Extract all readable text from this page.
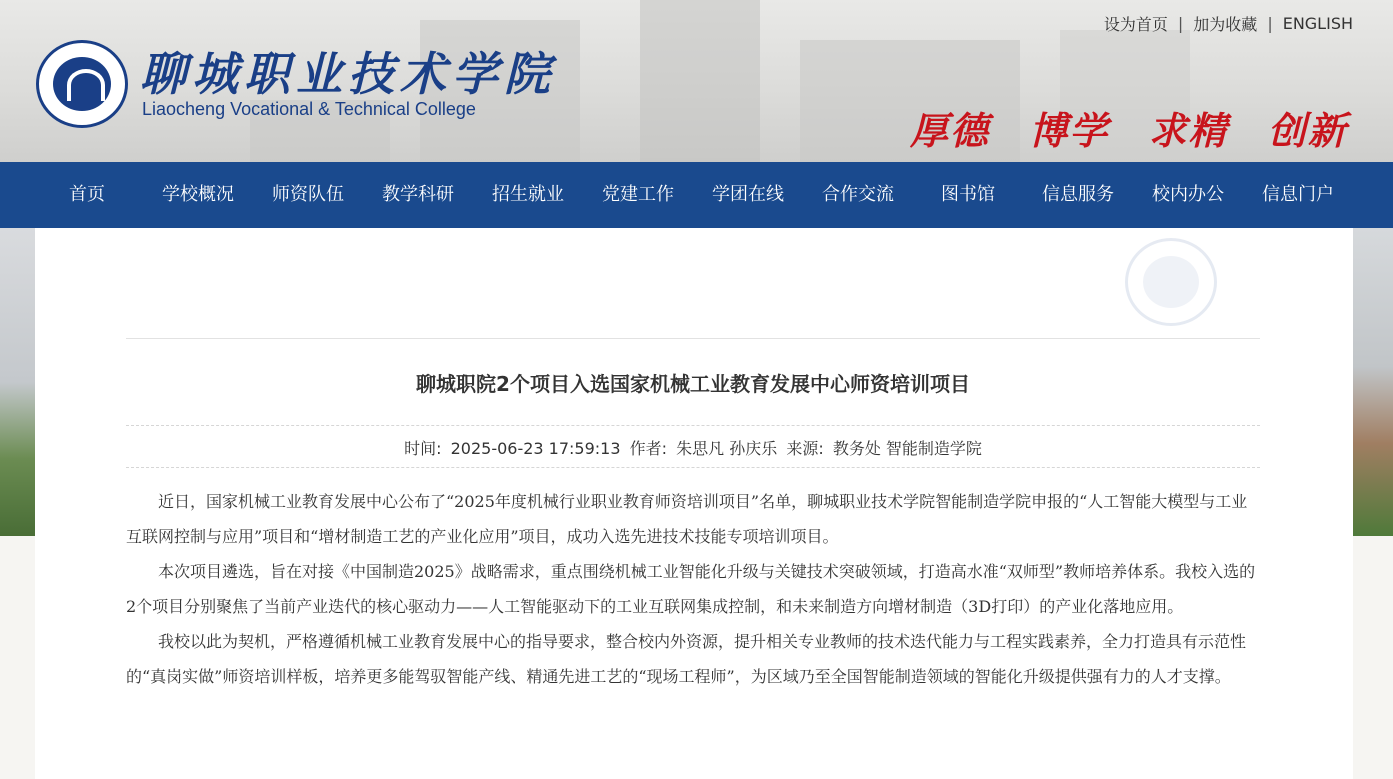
聊城职业技术学院
Liaocheng Vocational & Technical College
设为首页 | 加为收藏 | ENGLISH
厚德 博学 求精 创新
首页	学校概况	师资队伍	教学科研	招生就业	党建工作	学团在线	合作交流	图书馆	信息服务	校内办公	信息门户
聊城职院2个项目入选国家机械工业教育发展中心师资培训项目
时间: 2025-06-23 17:59:13 作者: 朱思凡 孙庆乐 来源: 教务处 智能制造学院

近日，国家机械工业教育发展中心公布了“2025年度机械行业职业教育师资培训项目”名单，聊城职业技术学院智能制造学院申报的“人工智能大模型与工业互联网控制与应用”项目和“增材制造工艺的产业化应用”项目，成功入选先进技术技能专项培训项目。

本次项目遴选，旨在对接《中国制造2025》战略需求，重点围绕机械工业智能化升级与关键技术突破领域，打造高水准“双师型”教师培养体系。我校入选的2个项目分别聚焦了当前产业迭代的核心驱动力——人工智能驱动下的工业互联网集成控制，和未来制造方向增材制造（3D打印）的产业化落地应用。

我校以此为契机，严格遵循机械工业教育发展中心的指导要求，整合校内外资源，提升相关专业教师的技术迭代能力与工程实践素养，全力打造具有示范性的“真岗实做”师资培训样板，培养更多能驾驭智能产线、精通先进工艺的“现场工程师”，为区域乃至全国智能制造领域的智能化升级提供强有力的人才支撑。
